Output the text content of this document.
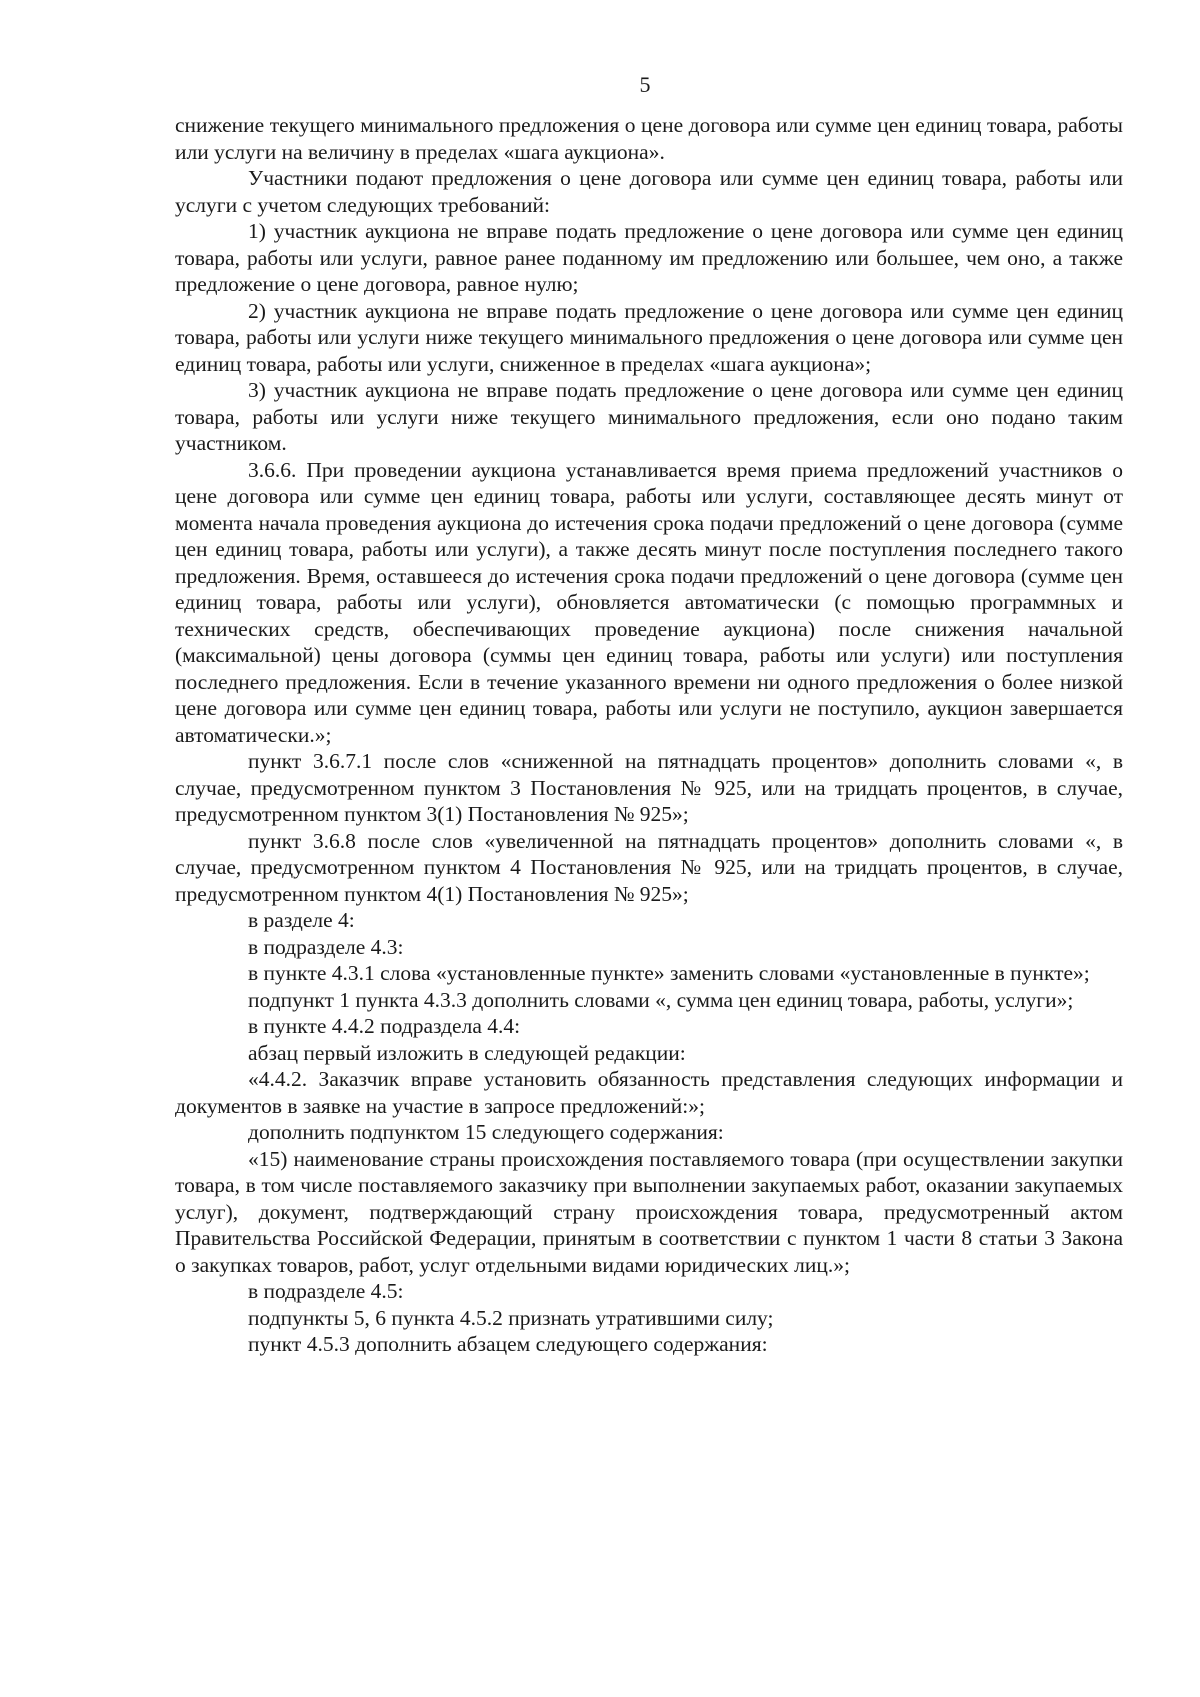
5

снижение текущего минимального предложения о цене договора или сумме цен единиц товара, работы или услуги на величину в пределах «шага аукциона».

Участники подают предложения о цене договора или сумме цен единиц товара, работы или услуги с учетом следующих требований:

1) участник аукциона не вправе подать предложение о цене договора или сумме цен единиц товара, работы или услуги, равное ранее поданному им предложению или большее, чем оно, а также предложение о цене договора, равное нулю;

2) участник аукциона не вправе подать предложение о цене договора или сумме цен единиц товара, работы или услуги ниже текущего минимального предложения о цене договора или сумме цен единиц товара, работы или услуги, сниженное в пределах «шага аукциона»;

3) участник аукциона не вправе подать предложение о цене договора или сумме цен единиц товара, работы или услуги ниже текущего минимального предложения, если оно подано таким участником.

3.6.6. При проведении аукциона устанавливается время приема предложений участников о цене договора или сумме цен единиц товара, работы или услуги, составляющее десять минут от момента начала проведения аукциона до истечения срока подачи предложений о цене договора (сумме цен единиц товара, работы или услуги), а также десять минут после поступления последнего такого предложения. Время, оставшееся до истечения срока подачи предложений о цене договора (сумме цен единиц товара, работы или услуги), обновляется автоматически (с помощью программных и технических средств, обеспечивающих проведение аукциона) после снижения начальной (максимальной) цены договора (суммы цен единиц товара, работы или услуги) или поступления последнего предложения. Если в течение указанного времени ни одного предложения о более низкой цене договора или сумме цен единиц товара, работы или услуги не поступило, аукцион завершается автоматически.»;

пункт 3.6.7.1 после слов «сниженной на пятнадцать процентов» дополнить словами «, в случае, предусмотренном пунктом 3 Постановления № 925, или на тридцать процентов, в случае, предусмотренном пунктом 3(1) Постановления № 925»;

пункт 3.6.8 после слов «увеличенной на пятнадцать процентов» дополнить словами «, в случае, предусмотренном пунктом 4 Постановления № 925, или на тридцать процентов, в случае, предусмотренном пунктом 4(1) Постановления № 925»;

в разделе 4:

в подразделе 4.3:

в пункте 4.3.1 слова «установленные пункте» заменить словами «установленные в пункте»;

подпункт 1 пункта 4.3.3 дополнить словами «, сумма цен единиц товара, работы, услуги»;

в пункте 4.4.2 подраздела 4.4:

абзац первый изложить в следующей редакции:

«4.4.2. Заказчик вправе установить обязанность представления следующих информации и документов в заявке на участие в запросе предложений:»;

дополнить подпунктом 15 следующего содержания:

«15) наименование страны происхождения поставляемого товара (при осуществлении закупки товара, в том числе поставляемого заказчику при выполнении закупаемых работ, оказании закупаемых услуг), документ, подтверждающий страну происхождения товара, предусмотренный актом Правительства Российской Федерации, принятым в соответствии с пунктом 1 части 8 статьи 3 Закона о закупках товаров, работ, услуг отдельными видами юридических лиц.»;

в подразделе 4.5:

подпункты 5, 6 пункта 4.5.2 признать утратившими силу;

пункт 4.5.3 дополнить абзацем следующего содержания:
